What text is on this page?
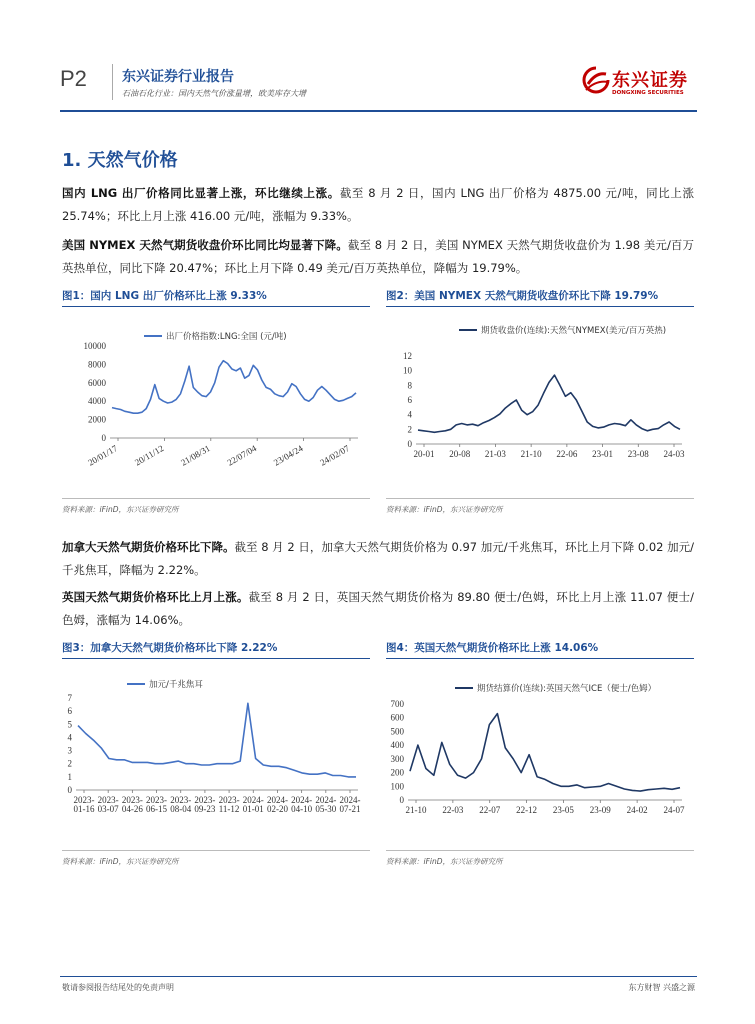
P2	东兴证券行业报告
石油石化行业：国内天然气价涨量增，欧美库存大增
东兴证券
DONGXING SECURITIES
1. 天然气价格
国内 LNG 出厂价格同比显著上涨，环比继续上涨。截至 8 月 2 日，国内 LNG 出厂价格为 4875.00 元/吨，同比上涨 25.74%；环比上月上涨 416.00 元/吨，涨幅为 9.33%。
美国 NYMEX 天然气期货收盘价环比同比均显著下降。截至 8 月 2 日，美国 NYMEX 天然气期货收盘价为 1.98 美元/百万英热单位，同比下降 20.47%；环比上月下降 0.49 美元/百万英热单位，降幅为 19.79%。
图1：国内 LNG 出厂价格环比上涨 9.33%	图2：美国 NYMEX 天然气期货收盘价环比下降 19.79%
出厂价格指数:LNG:全国 (元/吨)
10000
8000
6000
4000
2000
0
20/01/17 20/11/12 21/08/31 22/07/04 23/04/24 24/02/07
期货收盘价(连续):天然气NYMEX(美元/百万英热)
12
10
8
6
4
2
0
20-01 20-08 21-03 21-10 22-06 23-01 23-08 24-03
资料来源：iFinD，东兴证券研究所	资料来源：iFinD，东兴证券研究所
加拿大天然气期货价格环比下降。截至 8 月 2 日，加拿大天然气期货价格为 0.97 加元/千兆焦耳，环比上月下降 0.02 加元/千兆焦耳，降幅为 2.22%。
英国天然气期货价格环比上月上涨。截至 8 月 2 日，英国天然气期货价格为 89.80 便士/色姆，环比上月上涨 11.07 便士/色姆，涨幅为 14.06%。
图3：加拿大天然气期货价格环比下降 2.22%	图4：英国天然气期货价格环比上涨 14.06%
加元/千兆焦耳
7
6
5
4
3
2
1
0
2023-
01-16
2023-
03-07
2023-
04-26
2023-
06-15
2023-
08-04
2023-
09-23
2023-
11-12
2024-
01-01
2024-
02-20
2024-
04-10
2024-
05-30
2024-
07-21
期货结算价(连续):英国天然气ICE（便士/色姆）
700
600
500
400
300
200
100
0
21-10 22-03 22-07 22-12 23-05 23-09 24-02 24-07
资料来源：iFinD，东兴证券研究所	资料来源：iFinD，东兴证券研究所
敬请参阅报告结尾处的免责声明	东方财智 兴盛之源
